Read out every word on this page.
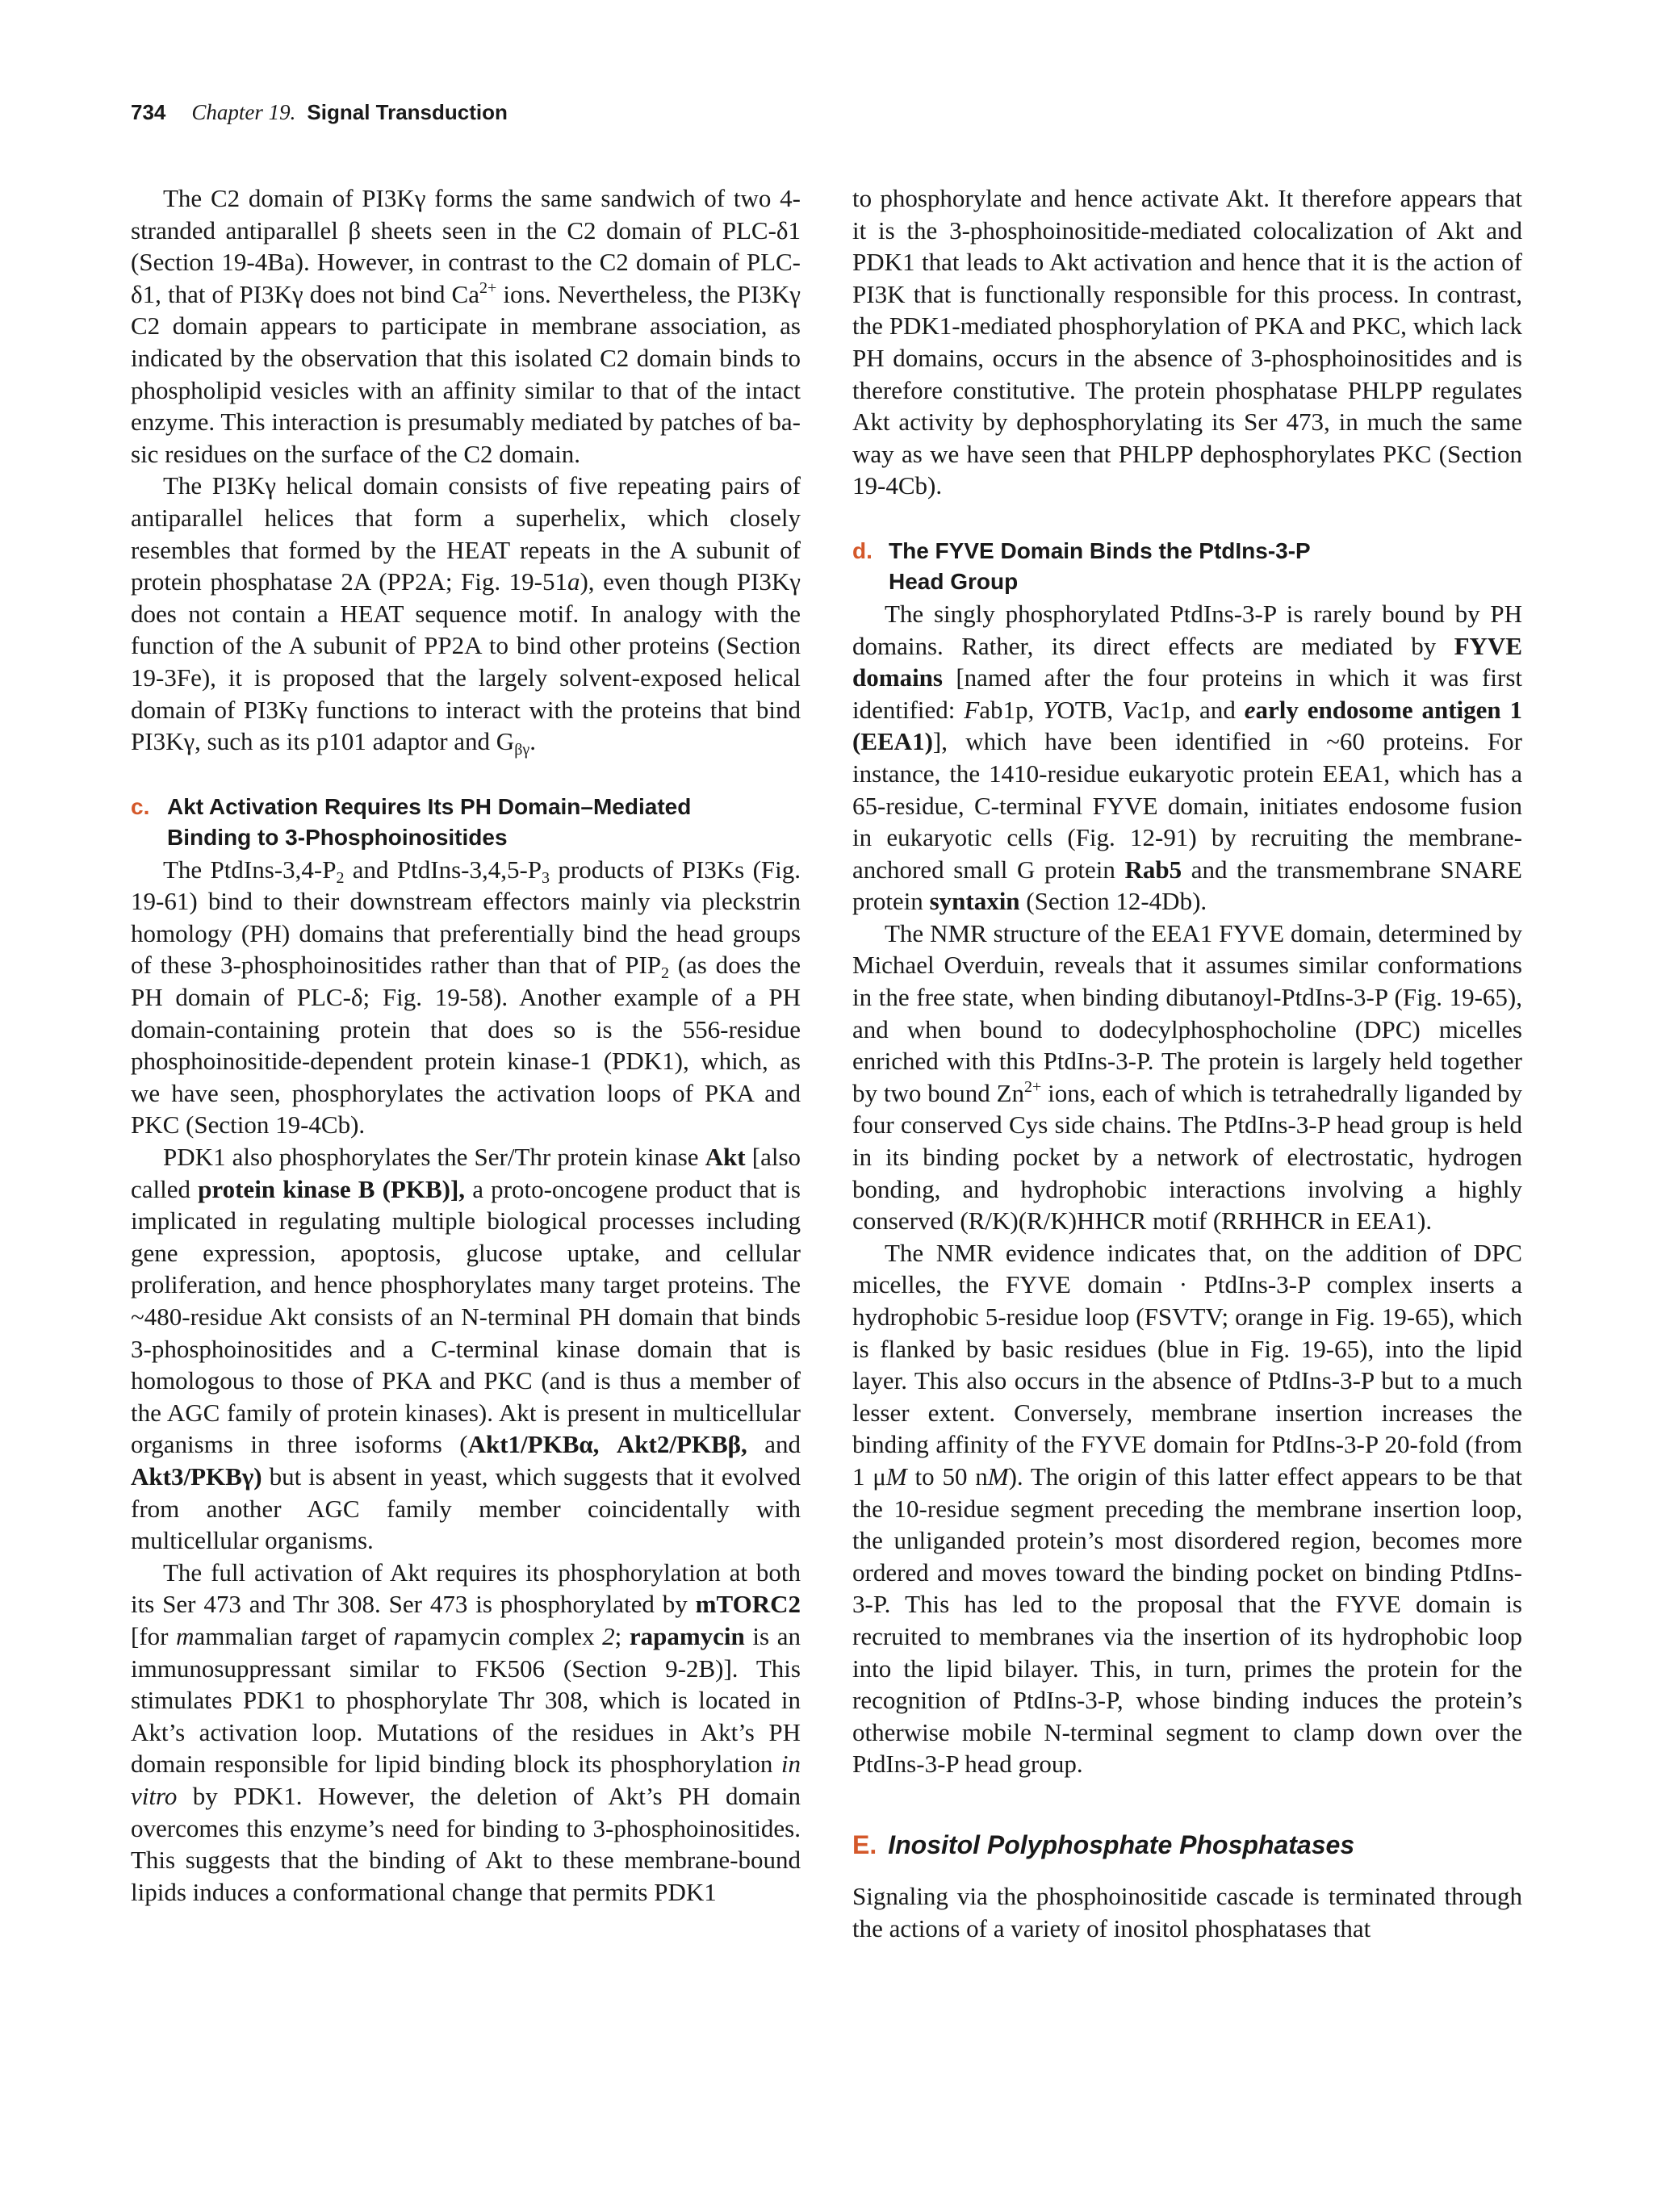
734 Chapter 19. Signal Transduction

The C2 domain of PI3Kγ forms the same sandwich of two 4-stranded antiparallel β sheets seen in the C2 domain of PLC-δ1 (Section 19-4Ba). However, in contrast to the C2 domain of PLC-δ1, that of PI3Kγ does not bind $Ca^{2+}$ ions. Nevertheless, the PI3Kγ C2 domain appears to participate in membrane association, as indicated by the observation that this isolated C2 domain binds to phospholipid vesicles with an affinity similar to that of the intact enzyme. This interaction is presumably mediated by patches of basic residues on the surface of the C2 domain.

The PI3Kγ helical domain consists of five repeating pairs of antiparallel helices that form a superhelix, which closely resembles that formed by the HEAT repeats in the A subunit of protein phosphatase 2A (PP2A; Fig. 19-51a), even though PI3Kγ does not contain a HEAT sequence motif. In analogy with the function of the A subunit of PP2A to bind other proteins (Section 19-3Fe), it is proposed that the largely solvent-exposed helical domain of PI3Kγ functions to interact with the proteins that bind PI3Kγ, such as its p101 adaptor and $G_{\beta\gamma}$.

c. Akt Activation Requires Its PH Domain–Mediated
Binding to 3-Phosphoinositides

The PtdIns-$3,4-P_2$ and PtdIns-$3,4,5-P_3$ products of PI3Ks (Fig. 19-61) bind to their downstream effectors mainly via pleckstrin homology (PH) domains that preferentially bind the head groups of these 3-phosphoinositides rather than that of $PIP_2$ (as does the PH domain of PLC-δ; Fig. 19-58). Another example of a PH domain-containing protein that does so is the 556-residue phosphoinositide-dependent protein kinase-1 (PDK1), which, as we have seen, phosphorylates the activation loops of PKA and PKC (Section 19-4Cb).

PDK1 also phosphorylates the Ser/Thr protein kinase Akt [also called protein kinase B (PKB)], a proto-oncogene product that is implicated in regulating multiple biological processes including gene expression, apoptosis, glucose uptake, and cellular proliferation, and hence phosphorylates many target proteins. The ~480-residue Akt consists of an N-terminal PH domain that binds 3-phosphoinositides and a C-terminal kinase domain that is homologous to those of PKA and PKC (and is thus a member of the AGC family of protein kinases). Akt is present in multicellular organisms in three isoforms (Akt1/PKBα, Akt2/PKBβ, and Akt3/PKBγ) but is absent in yeast, which suggests that it evolved from another AGC family member coincidentally with multicellular organisms.

The full activation of Akt requires its phosphorylation at both its Ser 473 and Thr 308. Ser 473 is phosphorylated by mTORC2 [for mammalian target of rapamycin complex 2; rapamycin is an immunosuppressant similar to FK506 (Section 9-2B)]. This stimulates PDK1 to phosphorylate Thr 308, which is located in Akt’s activation loop. Mutations of the residues in Akt’s PH domain responsible for lipid binding block its phosphorylation in vitro by PDK1. However, the deletion of Akt’s PH domain overcomes this enzyme’s need for binding to 3-phosphoinositides. This suggests that the binding of Akt to these membrane-bound lipids induces a conformational change that permits PDK1

to phosphorylate and hence activate Akt. It therefore appears that it is the 3-phosphoinositide-mediated colocalization of Akt and PDK1 that leads to Akt activation and hence that it is the action of PI3K that is functionally responsible for this process. In contrast, the PDK1-mediated phosphorylation of PKA and PKC, which lack PH domains, occurs in the absence of 3-phosphoinositides and is therefore constitutive. The protein phosphatase PHLPP regulates Akt activity by dephosphorylating its Ser 473, in much the same way as we have seen that PHLPP dephosphorylates PKC (Section 19-4Cb).

d. The FYVE Domain Binds the PtdIns-3-P
Head Group

The singly phosphorylated PtdIns-3-P is rarely bound by PH domains. Rather, its direct effects are mediated by FYVE domains [named after the four proteins in which it was first identified: Fab1p, YOTB, Vac1p, and early endosome antigen 1 (EEA1)], which have been identified in ~60 proteins. For instance, the 1410-residue eukaryotic protein EEA1, which has a 65-residue, C-terminal FYVE domain, initiates endosome fusion in eukaryotic cells (Fig. 12-91) by recruiting the membrane-anchored small G protein Rab5 and the transmembrane SNARE protein syntaxin (Section 12-4Db).

The NMR structure of the EEA1 FYVE domain, determined by Michael Overduin, reveals that it assumes similar conformations in the free state, when binding dibutanoyl-PtdIns-3-P (Fig. 19-65), and when bound to dodecylphosphocholine (DPC) micelles enriched with this PtdIns-3-P. The protein is largely held together by two bound $Zn^{2+}$ ions, each of which is tetrahedrally liganded by four conserved Cys side chains. The PtdIns-3-P head group is held in its binding pocket by a network of electrostatic, hydrogen bonding, and hydrophobic interactions involving a highly conserved (R/K)(R/K)HHCR motif (RRHHCR in EEA1).

The NMR evidence indicates that, on the addition of DPC micelles, the FYVE domain · PtdIns-3-P complex inserts a hydrophobic 5-residue loop (FSVTV; orange in Fig. 19-65), which is flanked by basic residues (blue in Fig. 19-65), into the lipid layer. This also occurs in the absence of PtdIns-3-P but to a much lesser extent. Conversely, membrane insertion increases the binding affinity of the FYVE domain for PtdIns-3-P 20-fold (from 1 μM to 50 nM). The origin of this latter effect appears to be that the 10-residue segment preceding the membrane insertion loop, the unliganded protein’s most disordered region, becomes more ordered and moves toward the binding pocket on binding PtdIns-3-P. This has led to the proposal that the FYVE domain is recruited to membranes via the insertion of its hydrophobic loop into the lipid bilayer. This, in turn, primes the protein for the recognition of PtdIns-3-P, whose binding induces the protein’s otherwise mobile N-terminal segment to clamp down over the PtdIns-3-P head group.

E. Inositol Polyphosphate Phosphatases

Signaling via the phosphoinositide cascade is terminated through the actions of a variety of inositol phosphatases that
